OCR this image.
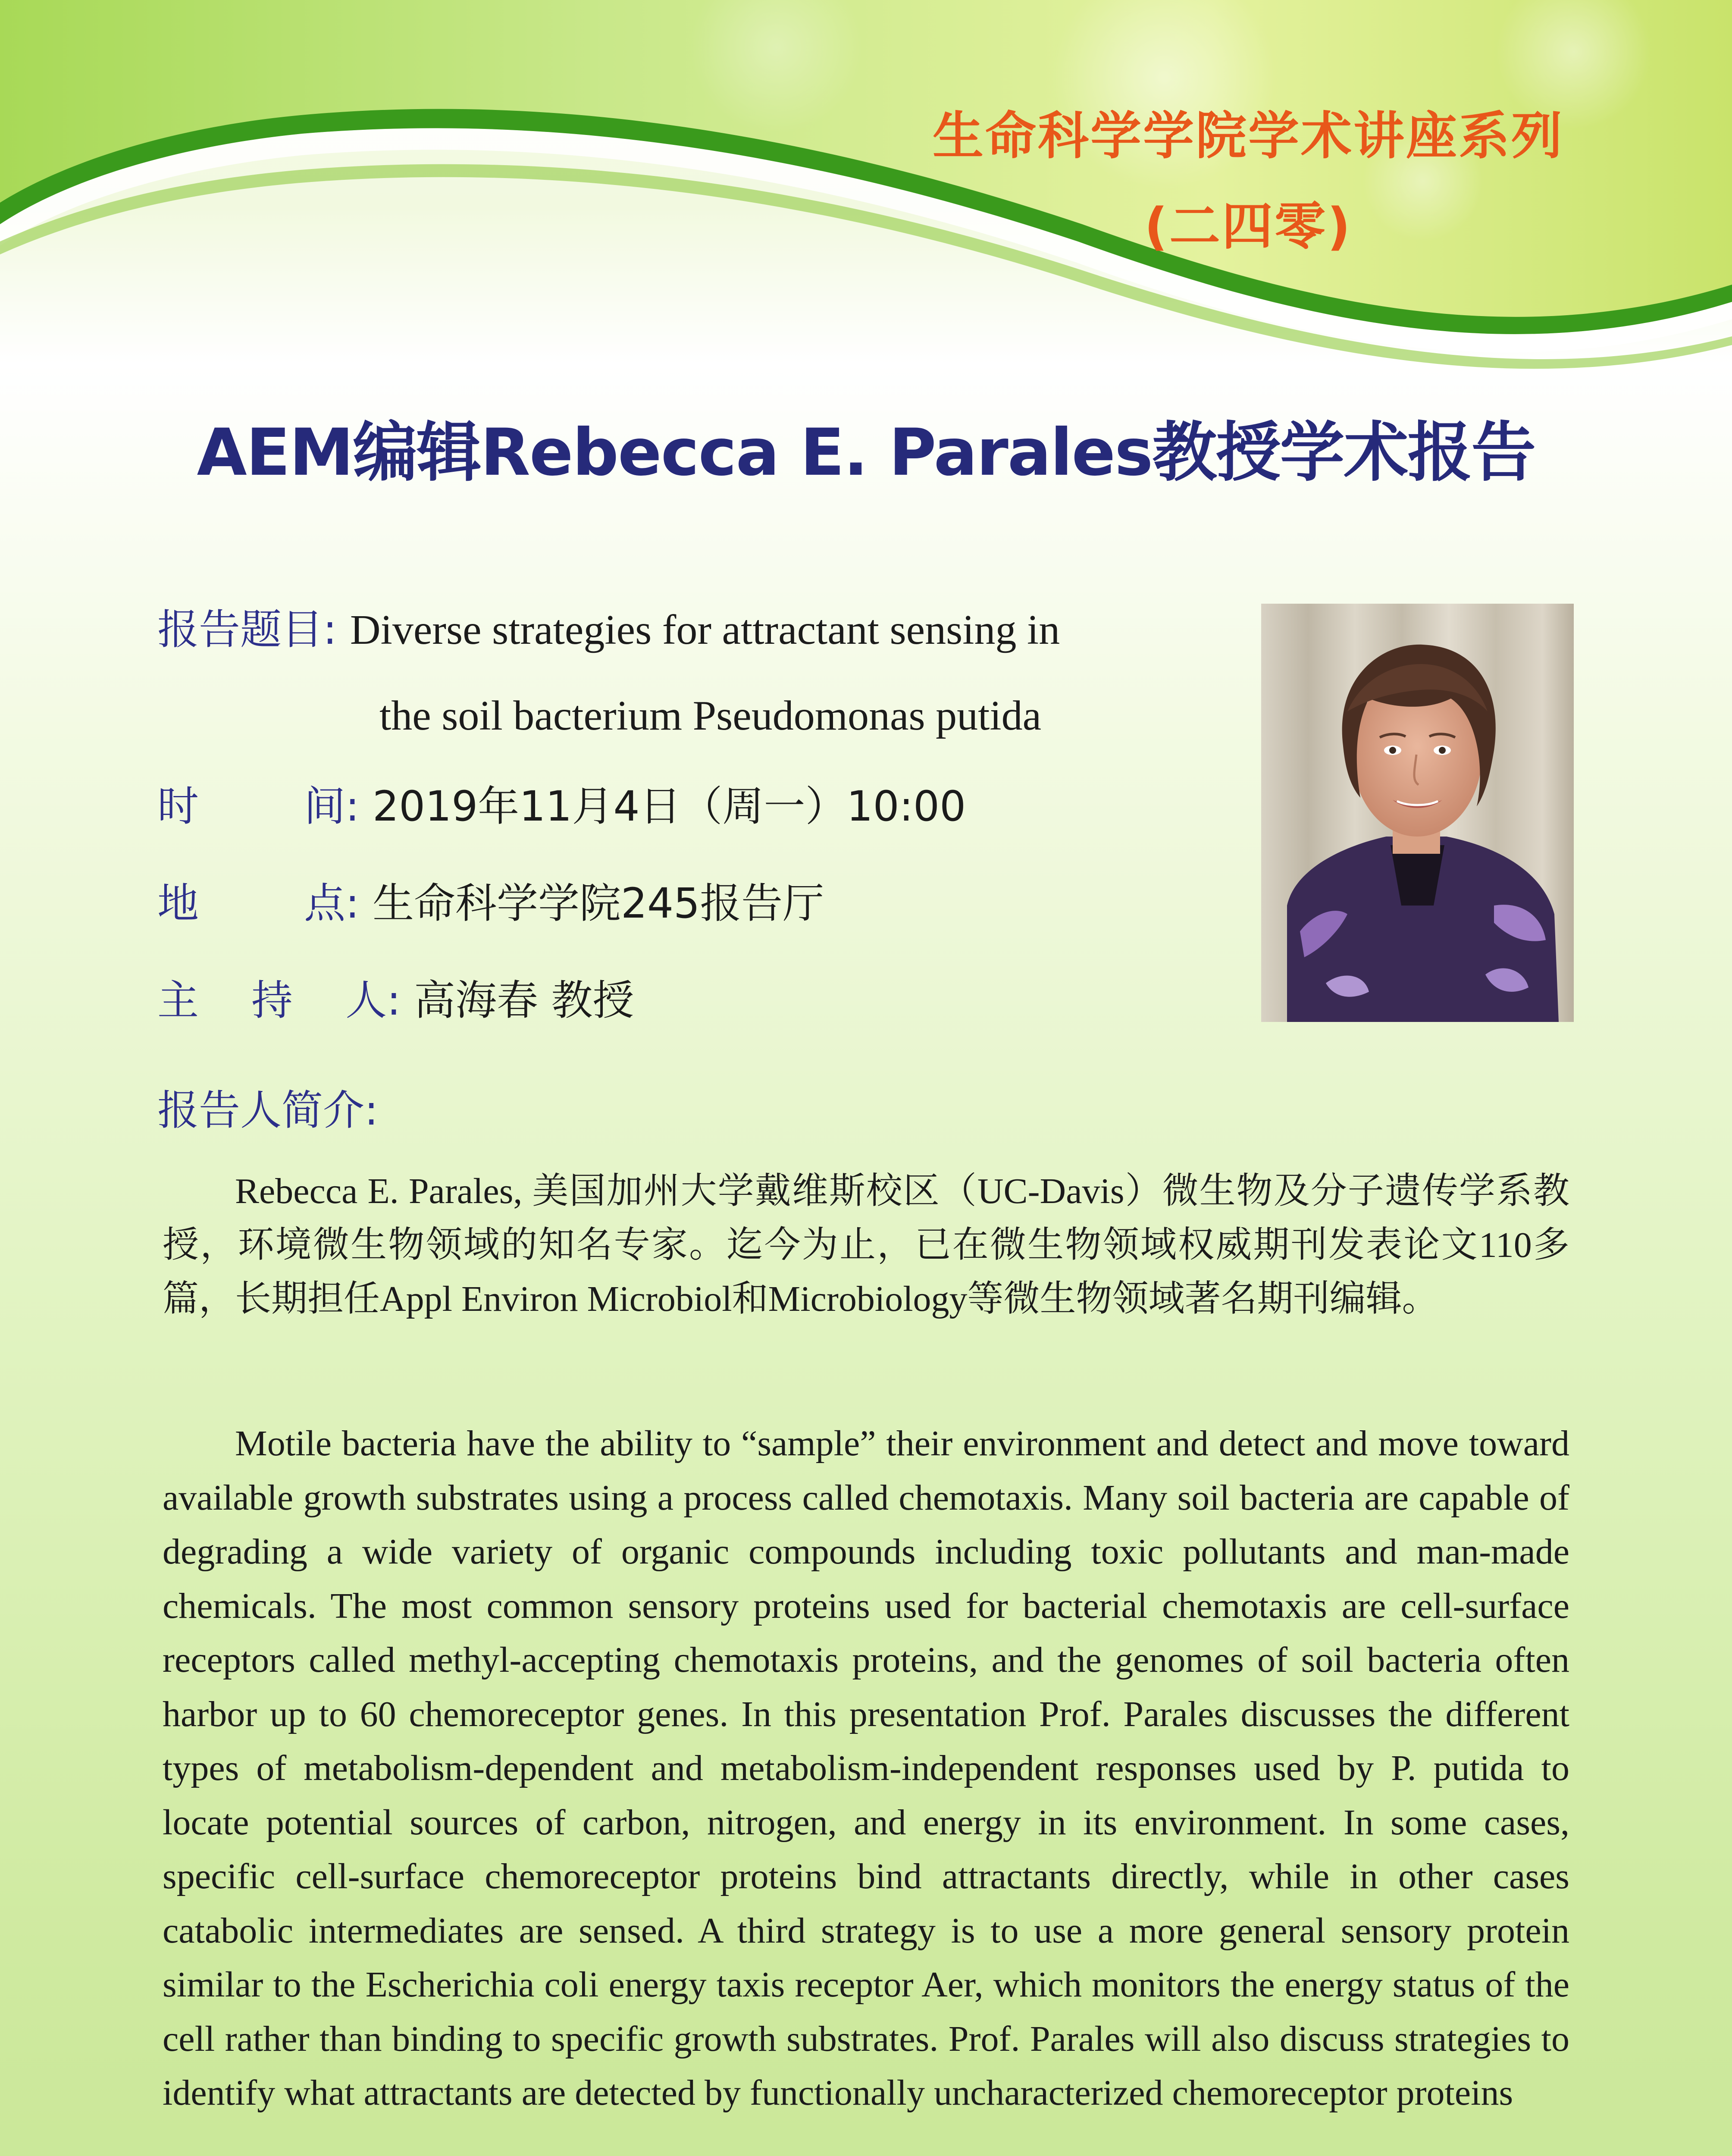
生命科学学院学术讲座系列
(二四零)
AEM编辑Rebecca E. Parales教授学术报告
报告题目: Diverse strategies for attractant sensing in
the soil bacterium Pseudomonas putida
时        间: 2019年11月4日（周一）10:00
地        点: 生命科学学院245报告厅
主    持    人: 高海春 教授
报告人简介:
Rebecca E. Parales, 美国加州大学戴维斯校区（UC-Davis）微生物及分子遗传学系教授，环境微生物领域的知名专家。迄今为止，已在微生物领域权威期刊发表论文110多篇，长期担任Appl Environ Microbiol和Microbiology等微生物领域著名期刊编辑。
Motile bacteria have the ability to “sample” their environment and detect and move toward available growth substrates using a process called chemotaxis. Many soil bacteria are capable of degrading a wide variety of organic compounds including toxic pollutants and man-made chemicals. The most common sensory proteins used for bacterial chemotaxis are cell-surface receptors called methyl-accepting chemotaxis proteins, and the genomes of soil bacteria often harbor up to 60 chemoreceptor genes. In this presentation Prof. Parales discusses the different types of metabolism-dependent and metabolism-independent responses used by P. putida to locate potential sources of carbon, nitrogen, and energy in its environment. In some cases, specific cell-surface chemoreceptor proteins bind attractants directly, while in other cases catabolic intermediates are sensed. A third strategy is to use a more general sensory protein similar to the Escherichia coli energy taxis receptor Aer, which monitors the energy status of the cell rather than binding to specific growth substrates. Prof. Parales will also discuss strategies to identify what attractants are detected by functionally uncharacterized chemoreceptor proteins
